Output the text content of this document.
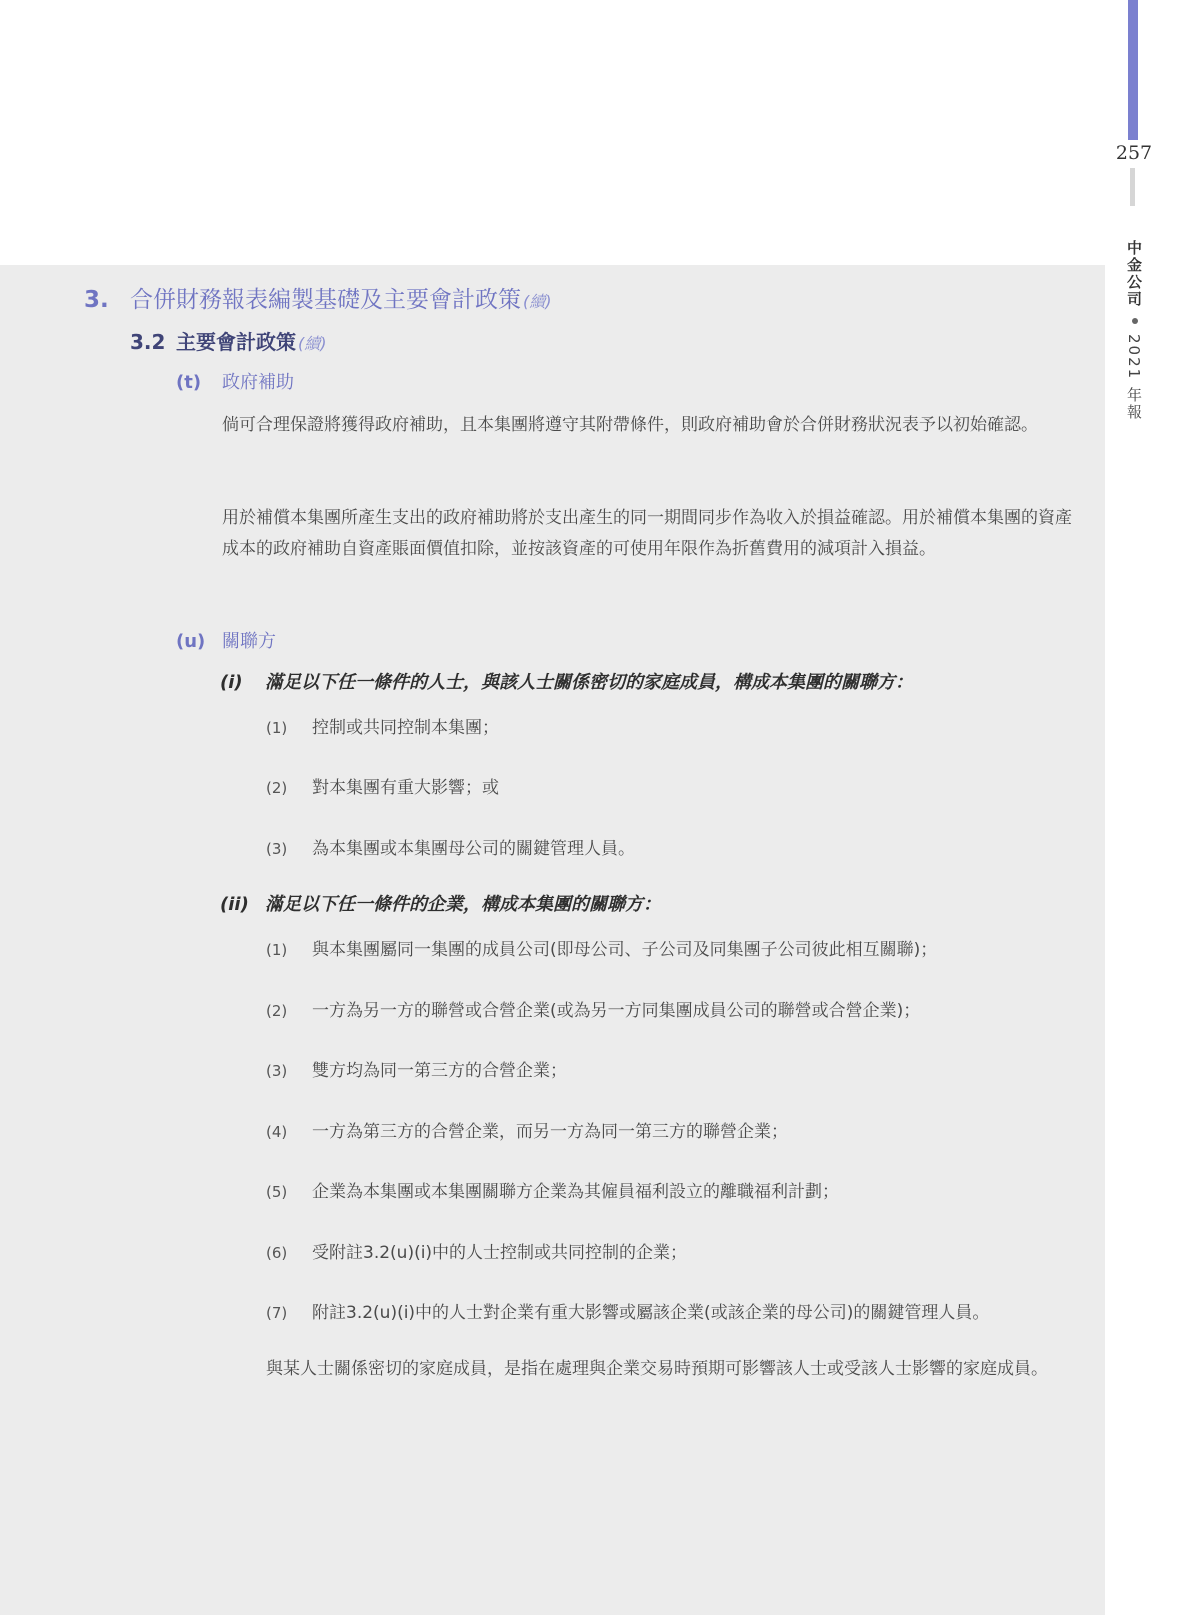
257
中金公司
2021 年報
3. 合併財務報表編製基礎及主要會計政策 (續)
3.2 主要會計政策 (續)
(t) 政府補助

倘可合理保證將獲得政府補助，且本集團將遵守其附帶條件，則政府補助會於合併財務狀況表予以初始確認。

用於補償本集團所產生支出的政府補助將於支出產生的同一期間同步作為收入於損益確認。用於補償本集團的資產成本的政府補助自資產賬面價值扣除，並按該資產的可使用年限作為折舊費用的減項計入損益。

(u) 關聯方
(i) 滿足以下任一條件的人士，與該人士關係密切的家庭成員，構成本集團的關聯方：
(1) 控制或共同控制本集團；
(2) 對本集團有重大影響；或
(3) 為本集團或本集團母公司的關鍵管理人員。
(ii) 滿足以下任一條件的企業，構成本集團的關聯方：
(1) 與本集團屬同一集團的成員公司(即母公司、子公司及同集團子公司彼此相互關聯)；
(2) 一方為另一方的聯營或合營企業(或為另一方同集團成員公司的聯營或合營企業)；
(3) 雙方均為同一第三方的合營企業；
(4) 一方為第三方的合營企業，而另一方為同一第三方的聯營企業；
(5) 企業為本集團或本集團關聯方企業為其僱員福利設立的離職福利計劃；
(6) 受附註3.2(u)(i)中的人士控制或共同控制的企業；
(7) 附註3.2(u)(i)中的人士對企業有重大影響或屬該企業(或該企業的母公司)的關鍵管理人員。

與某人士關係密切的家庭成員，是指在處理與企業交易時預期可影響該人士或受該人士影響的家庭成員。
